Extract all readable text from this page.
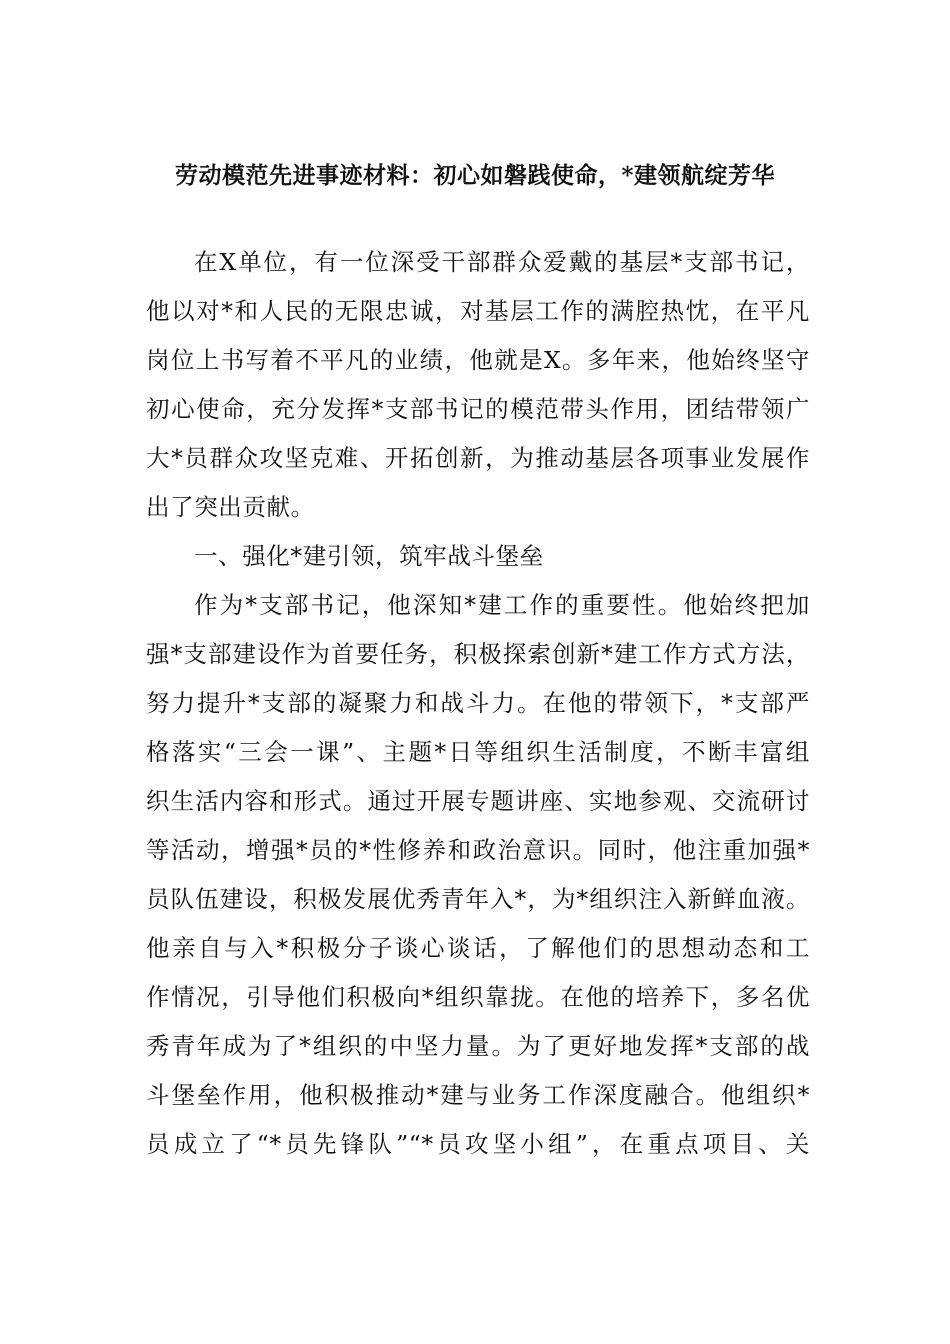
劳动模范先进事迹材料：初心如磐践使命，*建领航绽芳华
在X单位，有一位深受干部群众爱戴的基层*支部书记，
他以对*和人民的无限忠诚，对基层工作的满腔热忱，在平凡
岗位上书写着不平凡的业绩，他就是X。多年来，他始终坚守
初心使命，充分发挥*支部书记的模范带头作用，团结带领广
大*员群众攻坚克难、开拓创新，为推动基层各项事业发展作
出了突出贡献。
一、强化*建引领，筑牢战斗堡垒
作为*支部书记，他深知*建工作的重要性。他始终把加
强*支部建设作为首要任务，积极探索创新*建工作方式方法，
努力提升*支部的凝聚力和战斗力。在他的带领下，*支部严
格落实“三会一课”、主题*日等组织生活制度，不断丰富组
织生活内容和形式。通过开展专题讲座、实地参观、交流研讨
等活动，增强*员的*性修养和政治意识。同时，他注重加强*
员队伍建设，积极发展优秀青年入*，为*组织注入新鲜血液。
他亲自与入*积极分子谈心谈话，了解他们的思想动态和工
作情况，引导他们积极向*组织靠拢。在他的培养下，多名优
秀青年成为了*组织的中坚力量。为了更好地发挥*支部的战
斗堡垒作用，他积极推动*建与业务工作深度融合。他组织*
员成立了“*员先锋队”“*员攻坚小组”，在重点项目、关
